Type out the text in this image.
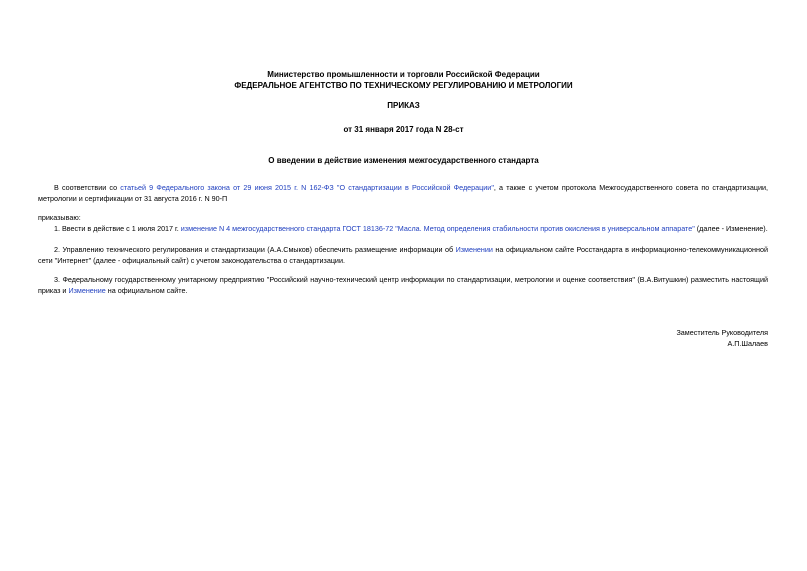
Министерство промышленности и торговли Российской Федерации
ФЕДЕРАЛЬНОЕ АГЕНТСТВО ПО ТЕХНИЧЕСКОМУ РЕГУЛИРОВАНИЮ И МЕТРОЛОГИИ
ПРИКАЗ
от 31 января 2017 года N 28-ст
О введении в действие изменения межгосударственного стандарта
В соответствии со статьей 9 Федерального закона от 29 июня 2015 г. N 162-ФЗ "О стандартизации в Российской Федерации", а также с учетом протокола Межгосударственного совета по стандартизации, метрологии и сертификации от 31 августа 2016 г. N 90-П
приказываю:
1. Ввести в действие с 1 июля 2017 г. изменение N 4 межгосударственного стандарта ГОСТ 18136-72 "Масла. Метод определения стабильности против окисления в универсальном аппарате" (далее - Изменение).
2. Управлению технического регулирования и стандартизации (А.А.Смыков) обеспечить размещение информации об Изменении на официальном сайте Росстандарта в информационно-телекоммуникационной сети "Интернет" (далее - официальный сайт) с учетом законодательства о стандартизации.
3. Федеральному государственному унитарному предприятию "Российский научно-технический центр информации по стандартизации, метрологии и оценке соответствия" (В.А.Витушкин) разместить настоящий приказ и Изменение на официальном сайте.
Заместитель Руководителя
А.П.Шалаев
